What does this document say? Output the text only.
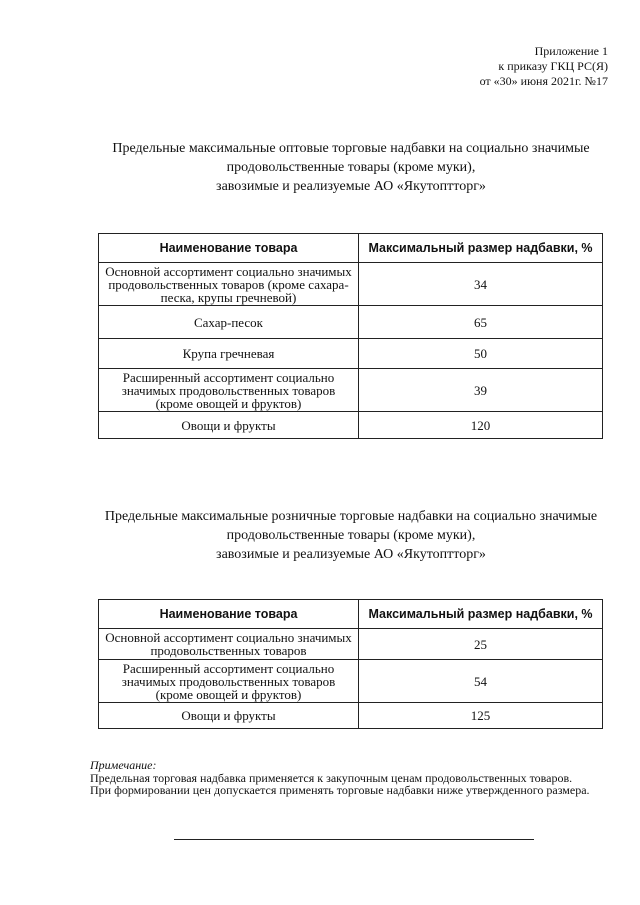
Приложение 1
к приказу ГКЦ РС(Я)
от «30» июня 2021г. №17
Предельные максимальные оптовые торговые надбавки на социально значимые
продовольственные товары (кроме муки),
завозимые и реализуемые АО «Якутоптторг»
Наименование товара	Максимальный размер надбавки, %
Основной ассортимент социально значимых продовольственных товаров (кроме сахара-песка, крупы гречневой)	34
Сахар-песок	65
Крупа гречневая	50
Расширенный ассортимент социально значимых продовольственных товаров (кроме овощей и фруктов)	39
Овощи и фрукты	120
Предельные максимальные розничные торговые надбавки на социально значимые
продовольственные товары (кроме муки),
завозимые и реализуемые АО «Якутоптторг»
Наименование товара	Максимальный размер надбавки, %
Основной ассортимент социально значимых продовольственных товаров	25
Расширенный ассортимент социально значимых продовольственных товаров (кроме овощей и фруктов)	54
Овощи и фрукты	125
Примечание:

Предельная торговая надбавка применяется к закупочным ценам продовольственных товаров.

При формировании цен допускается применять торговые надбавки ниже утвержденного размера.
